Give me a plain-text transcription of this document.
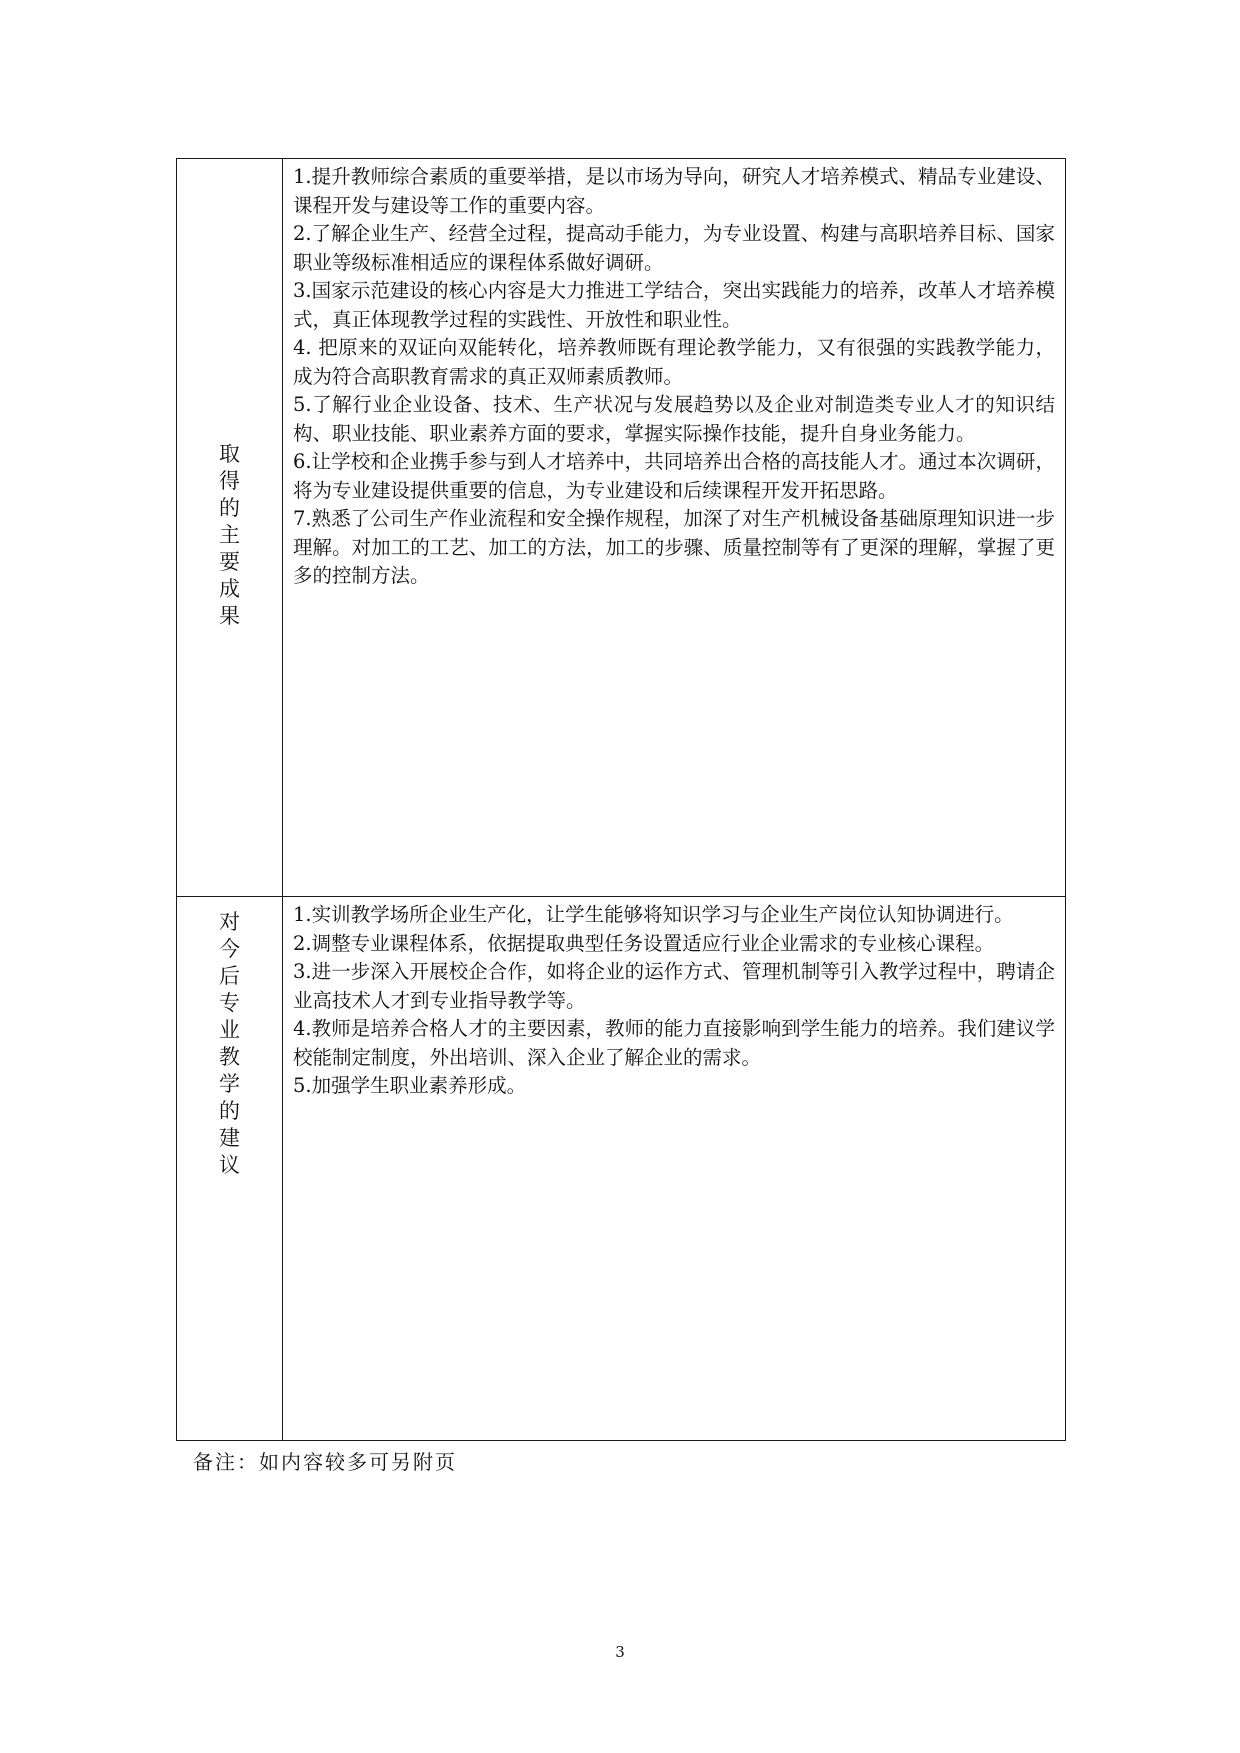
取得的主要成果

1.提升教师综合素质的重要举措，是以市场为导向，研究人才培养模式、精品专业建设、课程开发与建设等工作的重要内容。

2.了解企业生产、经营全过程，提高动手能力，为专业设置、构建与高职培养目标、国家职业等级标准相适应的课程体系做好调研。

3.国家示范建设的核心内容是大力推进工学结合，突出实践能力的培养，改革人才培养模式，真正体现教学过程的实践性、开放性和职业性。

4. 把原来的双证向双能转化，培养教师既有理论教学能力，又有很强的实践教学能力，成为符合高职教育需求的真正双师素质教师。

5.了解行业企业设备、技术、生产状况与发展趋势以及企业对制造类专业人才的知识结构、职业技能、职业素养方面的要求，掌握实际操作技能，提升自身业务能力。

6.让学校和企业携手参与到人才培养中，共同培养出合格的高技能人才。通过本次调研，将为专业建设提供重要的信息，为专业建设和后续课程开发开拓思路。

7.熟悉了公司生产作业流程和安全操作规程，加深了对生产机械设备基础原理知识进一步理解。对加工的工艺、加工的方法，加工的步骤、质量控制等有了更深的理解，掌握了更多的控制方法。

对今后专业教学的建议

1.实训教学场所企业生产化，让学生能够将知识学习与企业生产岗位认知协调进行。

2.调整专业课程体系，依据提取典型任务设置适应行业企业需求的专业核心课程。

3.进一步深入开展校企合作，如将企业的运作方式、管理机制等引入教学过程中，聘请企业高技术人才到专业指导教学等。

4.教师是培养合格人才的主要因素，教师的能力直接影响到学生能力的培养。我们建议学校能制定制度，外出培训、深入企业了解企业的需求。

5.加强学生职业素养形成。

备注：如内容较多可另附页
3
